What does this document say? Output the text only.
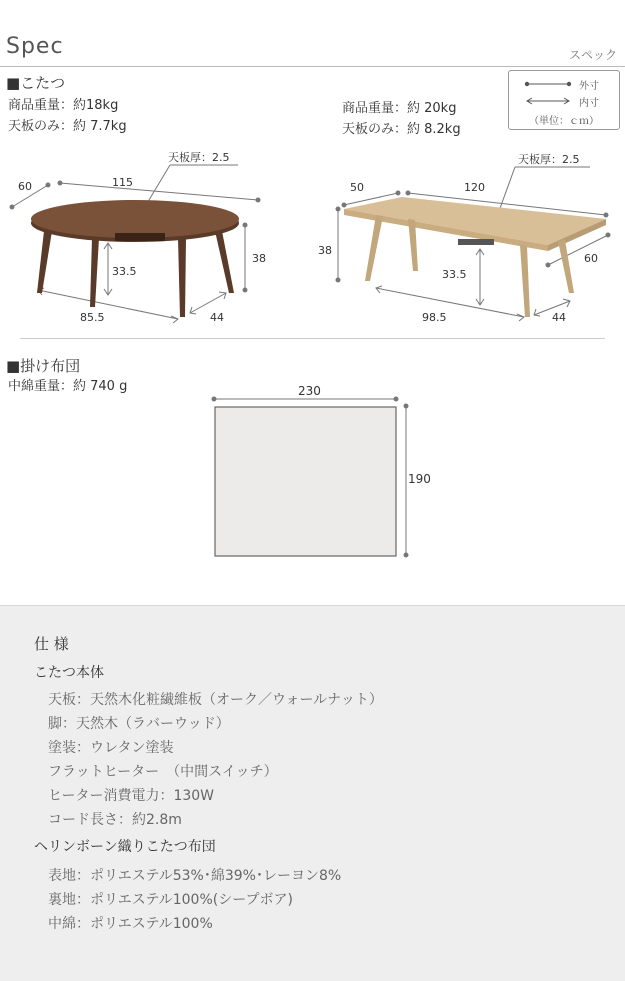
Spec	スペック
■こたつ
商品重量：約18kg
天板のみ：約 7.7kg
商品重量：約 20kg
天板のみ：約 8.2kg
外寸
内寸
（単位：ｃｍ）
60	115
天板厚：2.5
38
33.5
85.5	44
50	120
天板厚：2.5
38
60
33.5
98.5	44
■掛け布団
中綿重量：約 740 g	230
190
仕 様
こたつ本体
天板：天然木化粧繊維板（オーク／ウォールナット）
脚：天然木（ラバーウッド）
塗装：ウレタン塗装
フラットヒーター　（中間スイッチ）
ヒーター消費電力：130W
コード長さ：約2.8m
ヘリンボーン織りこたつ布団
表地：ポリエステル53%･綿39%･レーヨン8%
裏地：ポリエステル100%(シープボア)
中綿：ポリエステル100%
